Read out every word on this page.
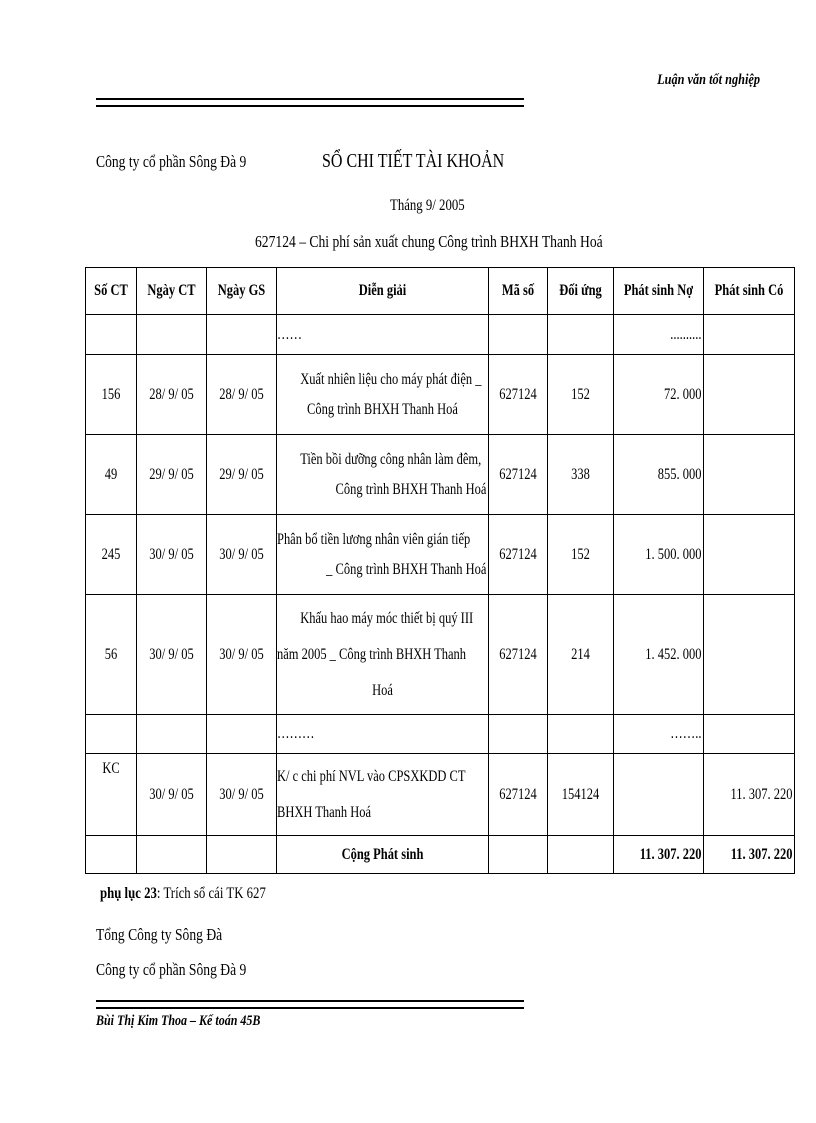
Luận văn tốt nghiệp
Công ty cổ phần Sông Đà 9	SỔ CHI TIẾT TÀI KHOẢN
Tháng 9/ 2005
627124 – Chi phí sản xuất chung Công trình BHXH Thanh Hoá
Số CT	Ngày CT	Ngày GS	Diễn giải	Mã số	Đối ứng	Phát sinh Nợ	Phát sinh Có

			……			..........	

156	28/ 9/ 05	28/ 9/ 05	Xuất nhiên liệu cho máy phát điện _
Công trình BHXH Thanh Hoá	627124	152	72. 000	

49	29/ 9/ 05	29/ 9/ 05	Tiền bồi dưỡng công nhân làm đêm,
Công trình BHXH Thanh Hoá	627124	338	855. 000	

245	30/ 9/ 05	30/ 9/ 05	Phân bổ tiền lương nhân viên gián tiếp
_ Công trình BHXH Thanh Hoá	627124	152	1. 500. 000	

56	30/ 9/ 05	30/ 9/ 05	Khấu hao máy móc thiết bị quý III
năm 2005 _ Công trình BHXH Thanh
Hoá	627124	214	1. 452. 000	

			………			……..	

KC	30/ 9/ 05	30/ 9/ 05	K/ c chi phí NVL vào CPSXKDD CT
BHXH Thanh Hoá	627124	154124		11. 307. 220

			Cộng Phát sinh			11. 307. 220	11. 307. 220
phụ lục 23: Trích sổ cái TK 627
Tổng Công ty Sông Đà
Công ty cổ phần Sông Đà 9
Bùi Thị Kim Thoa – Kế toán 45B
